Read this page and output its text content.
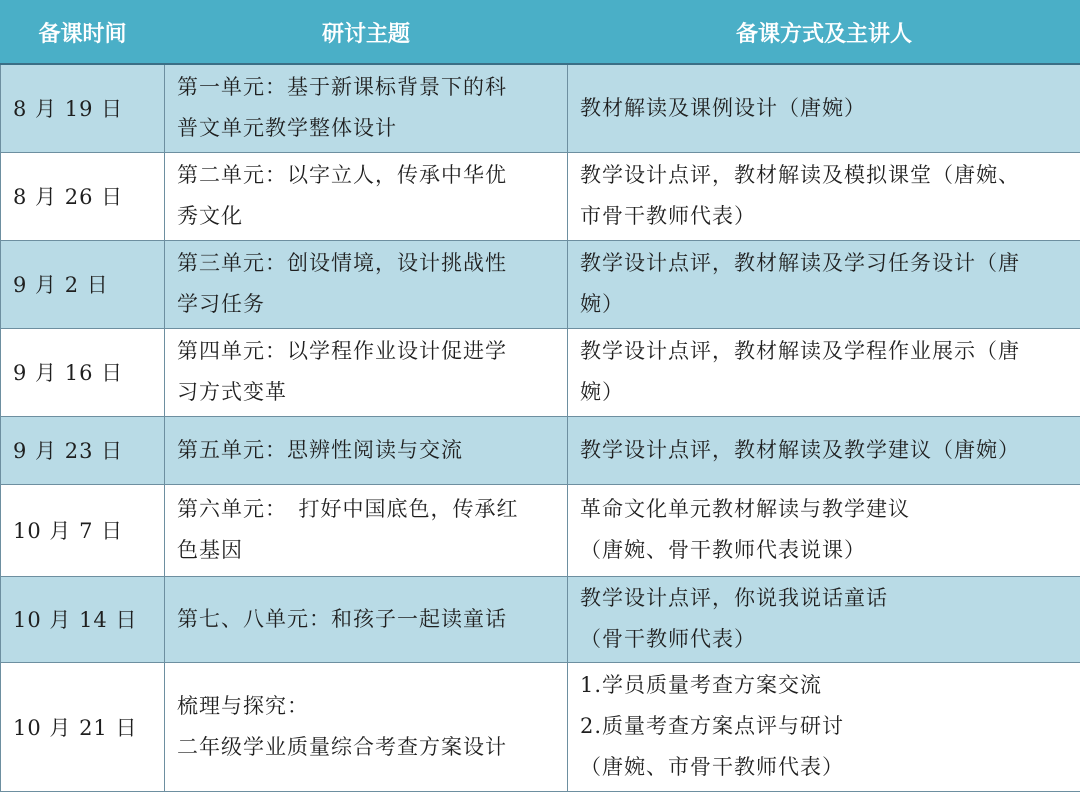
备课时间	研讨主题	备课方式及主讲人
8 月 19 日	第一单元：基于新课标背景下的科
普文单元教学整体设计	教材解读及课例设计（唐婉）

8 月 26 日	第二单元：以字立人，传承中华优
秀文化	教学设计点评，教材解读及模拟课堂（唐婉、
市骨干教师代表）

9 月 2 日	第三单元：创设情境，设计挑战性
学习任务	教学设计点评，教材解读及学习任务设计（唐
婉）

9 月 16 日	第四单元：以学程作业设计促进学
习方式变革	教学设计点评，教材解读及学程作业展示（唐
婉）

9 月 23 日	第五单元：思辨性阅读与交流	教学设计点评，教材解读及教学建议（唐婉）

10 月 7 日	第六单元：　打好中国底色，传承红
色基因	革命文化单元教材解读与教学建议
（唐婉、骨干教师代表说课）

10 月 14 日	第七、八单元：和孩子一起读童话	教学设计点评，你说我说话童话
（骨干教师代表）

10 月 21 日	梳理与探究：
二年级学业质量综合考查方案设计	1.学员质量考查方案交流
2.质量考查方案点评与研讨
（唐婉、市骨干教师代表）
